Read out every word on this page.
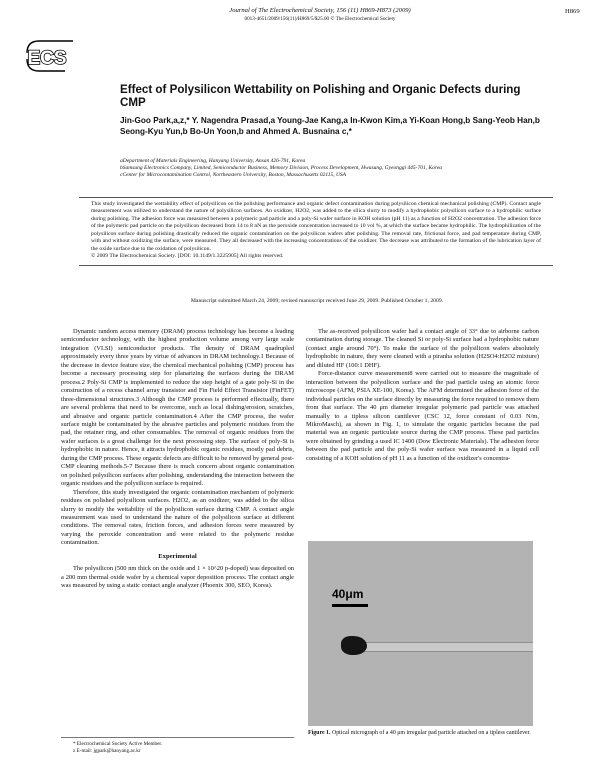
Journal of The Electrochemical Society, 156 (11) H869-H873 (2009)
0013-4651/2009/156(11)/H869/5/$25.00 © The Electrochemical Society
H869
ECS
Effect of Polysilicon Wettability on Polishing and Organic Defects during CMP
Jin-Goo Park,a,z,* Y. Nagendra Prasad,a Young-Jae Kang,a In-Kwon Kim,a Yi-Koan Hong,b Sang-Yeob Han,b Seong-Kyu Yun,b Bo-Un Yoon,b and Ahmed A. Busnaina c,*
aDepartment of Materials Engineering, Hanyang University, Ansan 426-791, Korea
bSamsung Electronics Company, Limited, Semiconductor Business, Memory Division, Process Development, Hwasung, Gyeonggi 445-701, Korea
cCenter for Microcontamination Control, Northeastern University, Boston, Massachusetts 02115, USA

This study investigated the wettability effect of polysilicon on the polishing performance and organic defect contamination during polysilicon chemical mechanical polishing (CMP). Contact angle measurement was utilized to understand the nature of polysilicon surfaces. An oxidizer, H2O2, was added to the silica slurry to modify a hydrophobic polysilicon surface to a hydrophilic surface during polishing. The adhesion force was measured between a polymeric pad particle and a poly-Si wafer surface in KOH solution (pH 11) as a function of H2O2 concentration. The adhesion force of the polymeric pad particle on the polysilicon decreased from 14 to 8 nN as the peroxide concentration increased to 10 vol %, at which the surface became hydrophilic. The hydrophilization of the polysilicon surface during polishing drastically reduced the organic contamination on the polysilicon wafers after polishing. The removal rate, frictional force, and pad temperature during CMP, with and without oxidizing the surface, were measured. They all decreased with the increasing concentrations of the oxidizer. The decrease was attributed to the formation of the lubrication layer of the oxide surface due to the oxidation of polysilicon.

© 2009 The Electrochemical Society. [DOI: 10.1149/1.3225905] All rights reserved.

Manuscript submitted March 24, 2009; revised manuscript received June 29, 2009. Published October 1, 2009.

Dynamic random access memory (DRAM) process technology has become a leading semiconductor technology, with the highest production volume among very large scale integration (VLSI) semiconductor products. The density of DRAM quadrupled approximately every three years by virtue of advances in DRAM technology.1 Because of the decrease in device feature size, the chemical mechanical polishing (CMP) process has become a necessary processing step for planarizing the surfaces during the DRAM process.2 Poly-Si CMP is implemented to reduce the step height of a gate poly-Si in the construction of a recess channel array transistor and Fin Field Effect Transistor (FinFET) three-dimensional structures.3 Although the CMP process is performed effectually, there are several problems that need to be overcome, such as local dishing/erosion, scratches, and abrasive and organic particle contamination.4 After the CMP process, the wafer surface might be contaminated by the abrasive particles and polymeric residues from the pad, the retainer ring, and other consumables. The removal of organic residues from the wafer surfaces is a great challenge for the next processing step. The surface of poly-Si is hydrophobic in nature. Hence, it attracts hydrophobic organic residues, mostly pad debris, during the CMP process. These organic defects are difficult to be removed by general post-CMP cleaning methods.5-7 Because there is much concern about organic contamination on polished polysilicon surfaces after polishing, understanding the interaction between the organic residues and the polysilicon surface is required.

Therefore, this study investigated the organic contamination mechanism of polymeric residues on polished polysilicon surfaces. H2O2, as an oxidizer, was added to the silica slurry to modify the wettability of the polysilicon surface during CMP. A contact angle measurement was used to understand the nature of the polysilicon surface at different conditions. The removal rates, friction forces, and adhesion forces were measured by varying the peroxide concentration and were related to the polymeric residue contamination.

Experimental

The polysilicon (500 nm thick on the oxide and 1 × 10^20 p-doped) was deposited on a 200 mm thermal oxide wafer by a chemical vapor deposition process. The contact angle was measured by using a static contact angle analyzer (Phoenix 300, SEO, Korea).

The as-received polysilicon wafer had a contact angle of 33° due to airborne carbon contamination during storage. The cleaned Si or poly-Si surface had a hydrophobic nature (contact angle around 70°). To make the surface of the polysilicon wafers absolutely hydrophobic in nature, they were cleaned with a piranha solution (H2SO4:H2O2 mixture) and diluted HF (100:1 DHF).

Force-distance curve measurement8 were carried out to measure the magnitude of interaction between the polysilicon surface and the pad particle using an atomic force microscope (AFM, PSIA XE-100, Korea). The AFM determined the adhesion force of the individual particles on the surface directly by measuring the force required to remove them from that surface. The 40 μm diameter irregular polymeric pad particle was attached manually to a tipless silicon cantilever (CSC 12, force constant of 0.03 N/m, MikroMasch), as shown in Fig. 1, to simulate the organic particles because the pad material was an organic particulate source during the CMP process. These pad particles were obtained by grinding a used IC 1400 (Dow Electronic Materials). The adhesion force between the pad particle and the poly-Si wafer surface was measured in a liquid cell consisting of a KOH solution of pH 11 as a function of the oxidizer's concentra-

40μm
Figure 1. Optical micrograph of a 40 μm irregular pad particle attached on a tipless cantilever.
* Electrochemical Society Active Member.
z E-mail: jgpark@hanyang.ac.kr
